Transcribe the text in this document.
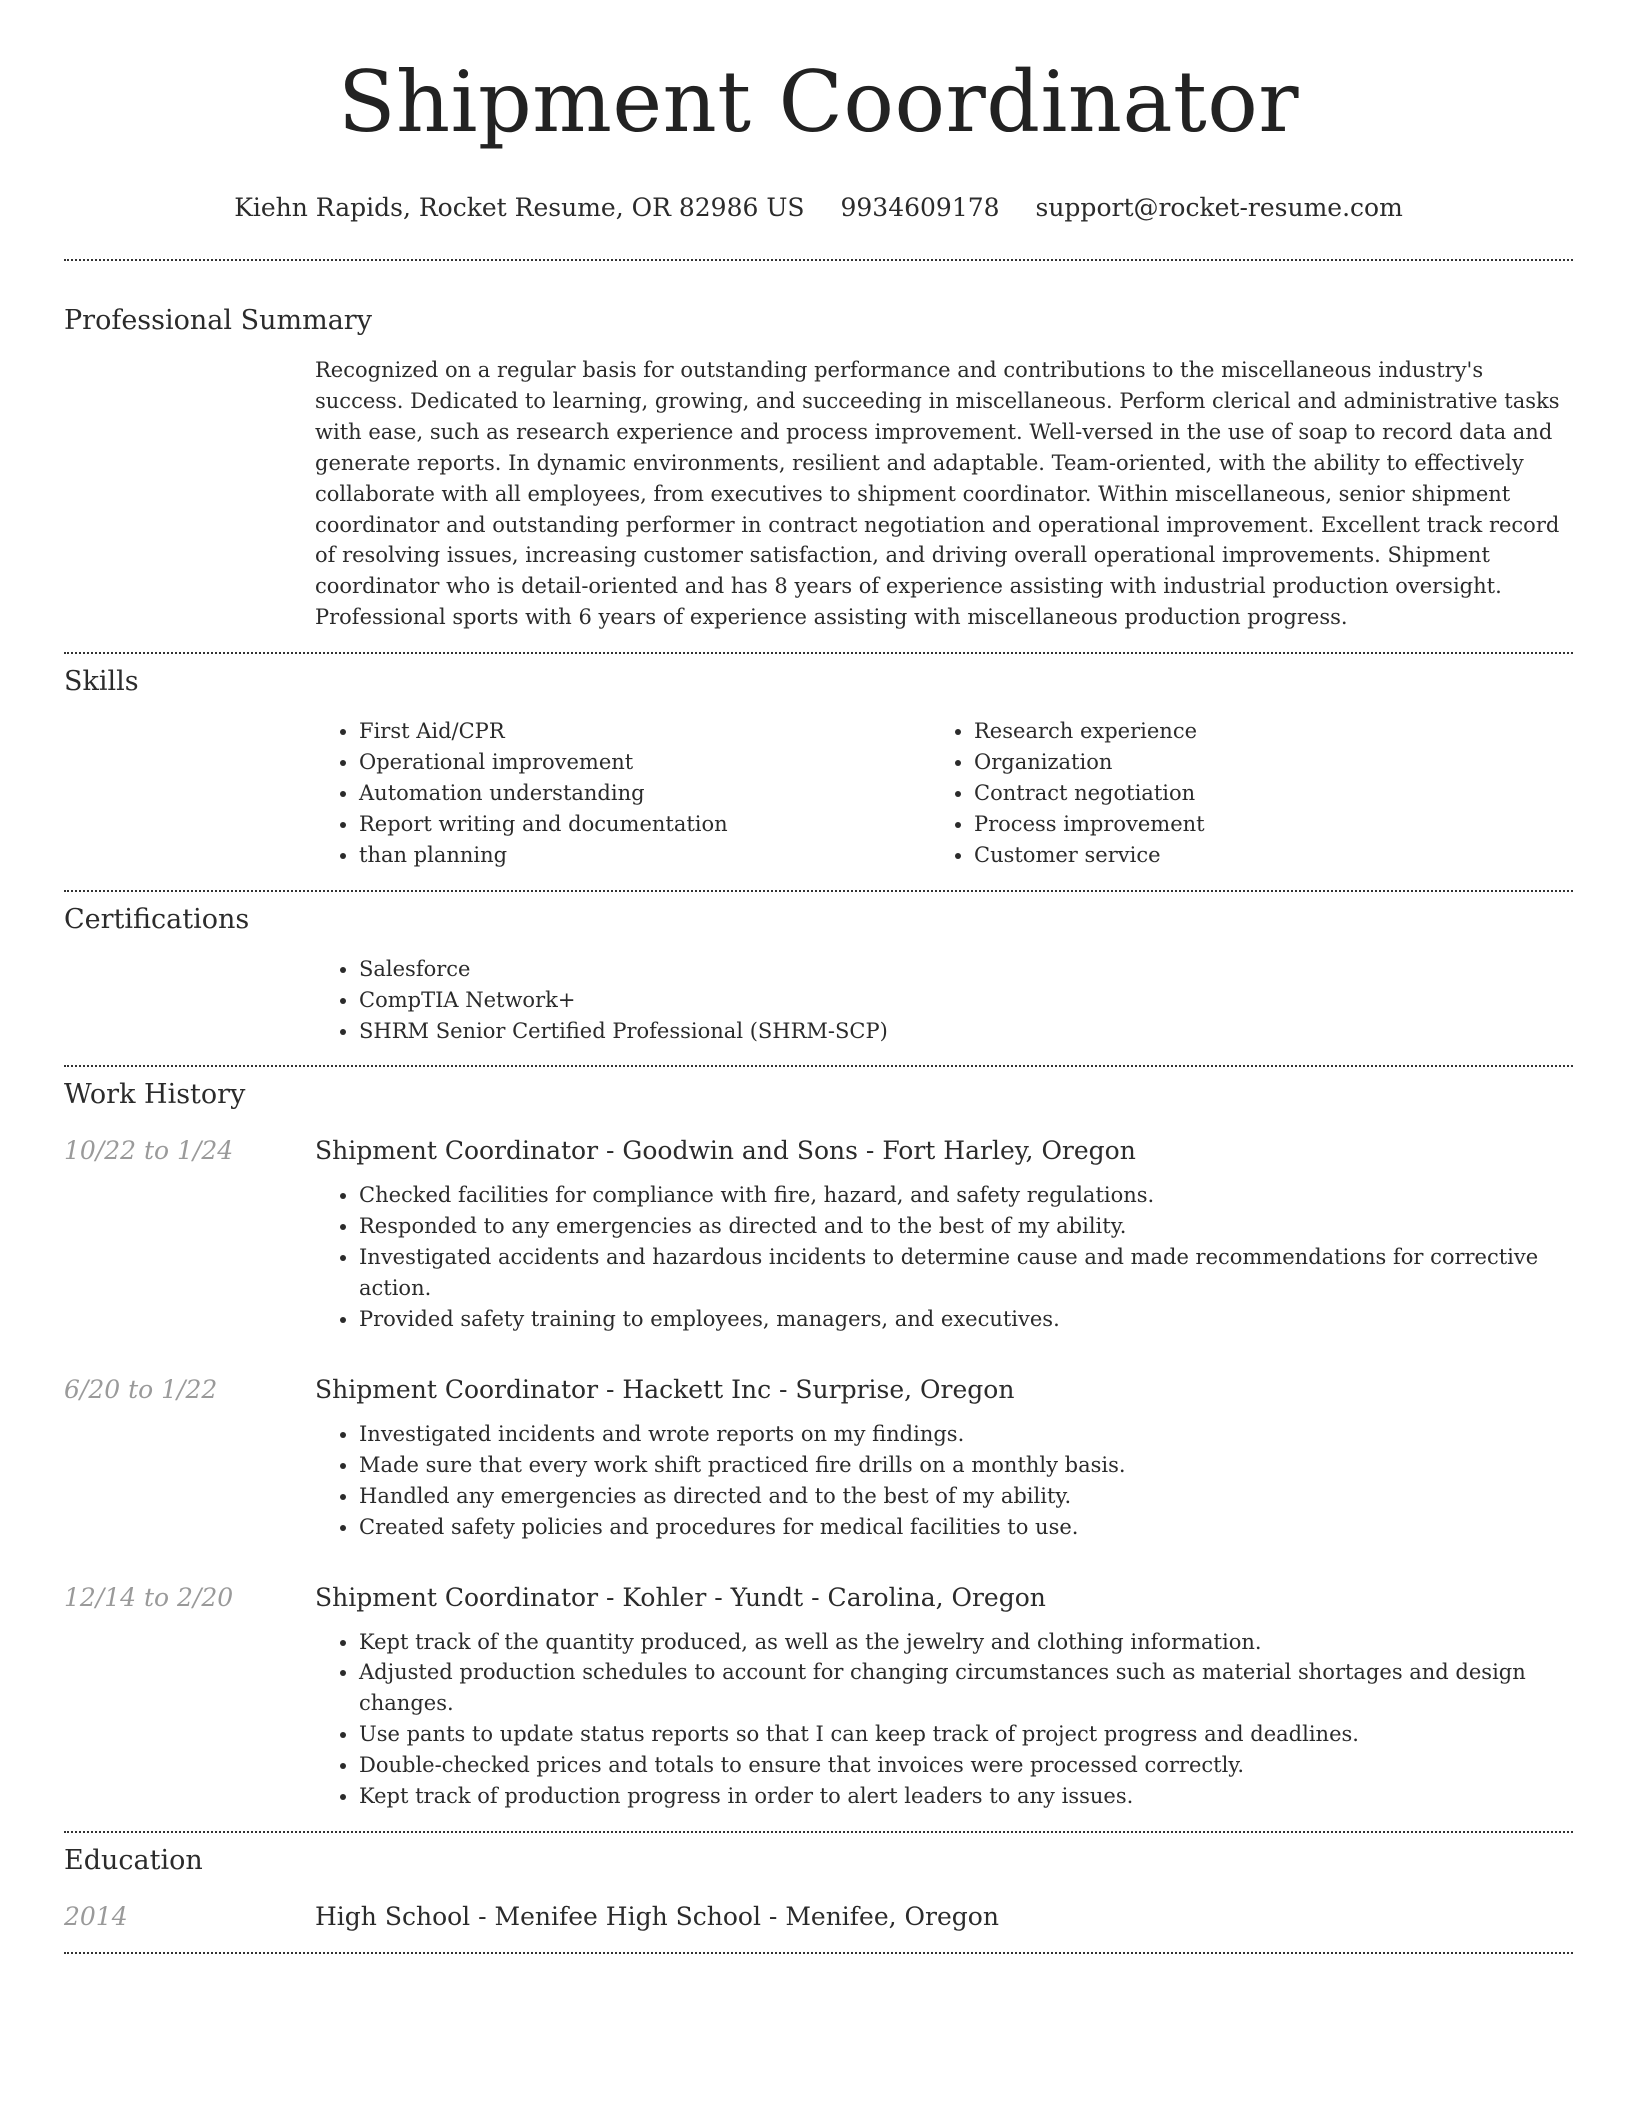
Shipment Coordinator
Kiehn Rapids, Rocket Resume, OR 82986 US 9934609178 support@rocket-resume.com
Professional Summary
Recognized on a regular basis for outstanding performance and contributions to the miscellaneous industry's success. Dedicated to learning, growing, and succeeding in miscellaneous. Perform clerical and administrative tasks with ease, such as research experience and process improvement. Well-versed in the use of soap to record data and generate reports. In dynamic environments, resilient and adaptable. Team-oriented, with the ability to effectively collaborate with all employees, from executives to shipment coordinator. Within miscellaneous, senior shipment coordinator and outstanding performer in contract negotiation and operational improvement. Excellent track record of resolving issues, increasing customer satisfaction, and driving overall operational improvements. Shipment coordinator who is detail-oriented and has 8 years of experience assisting with industrial production oversight. Professional sports with 6 years of experience assisting with miscellaneous production progress.
Skills
• First Aid/CPR
• Operational improvement
• Automation understanding
• Report writing and documentation
• than planning
• Research experience
• Organization
• Contract negotiation
• Process improvement
• Customer service
Certifications
• Salesforce
• CompTIA Network+
• SHRM Senior Certified Professional (SHRM-SCP)
Work History
10/22 to 1/24	Shipment Coordinator - Goodwin and Sons - Fort Harley, Oregon
• Checked facilities for compliance with fire, hazard, and safety regulations.
• Responded to any emergencies as directed and to the best of my ability.
• Investigated accidents and hazardous incidents to determine cause and made recommendations for corrective action.
• Provided safety training to employees, managers, and executives.
6/20 to 1/22	Shipment Coordinator - Hackett Inc - Surprise, Oregon
• Investigated incidents and wrote reports on my findings.
• Made sure that every work shift practiced fire drills on a monthly basis.
• Handled any emergencies as directed and to the best of my ability.
• Created safety policies and procedures for medical facilities to use.
12/14 to 2/20	Shipment Coordinator - Kohler - Yundt - Carolina, Oregon
• Kept track of the quantity produced, as well as the jewelry and clothing information.
• Adjusted production schedules to account for changing circumstances such as material shortages and design changes.
• Use pants to update status reports so that I can keep track of project progress and deadlines.
• Double-checked prices and totals to ensure that invoices were processed correctly.
• Kept track of production progress in order to alert leaders to any issues.
Education
2014	High School - Menifee High School - Menifee, Oregon
